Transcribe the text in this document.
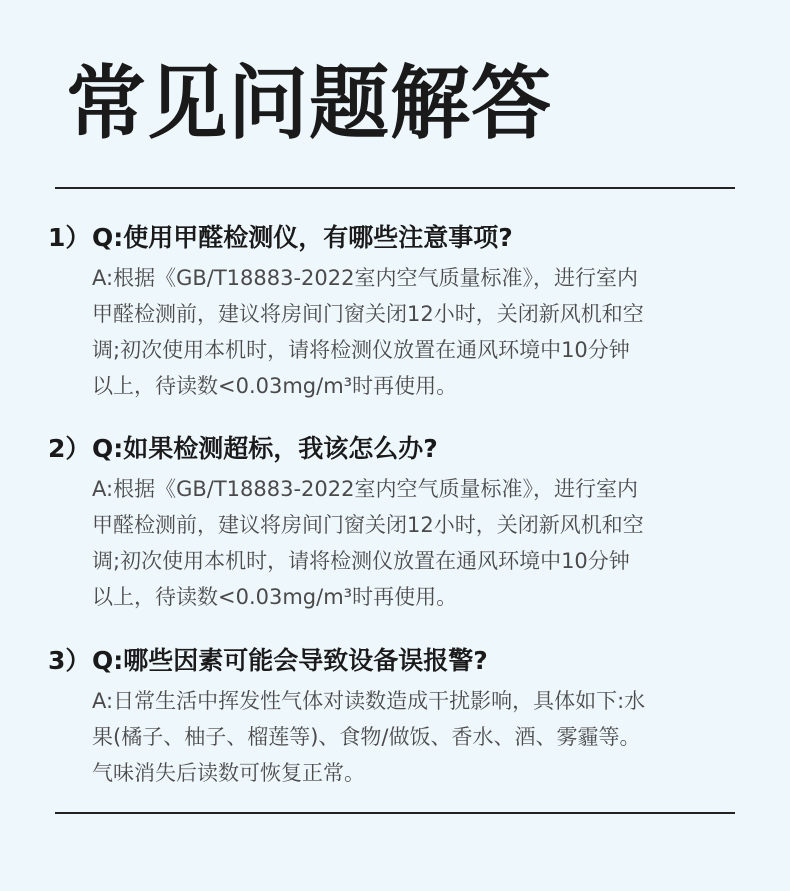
常见问题解答
1） Q:使用甲醛检测仪，有哪些注意事项?
A:根据《GB/T18883-2022室内空气质量标准》，进行室内
甲醛检测前，建议将房间门窗关闭12小时，关闭新风机和空
调;初次使用本机时，请将检测仪放置在通风环境中10分钟
以上，待读数<0.03mg/m³时再使用。
2） Q:如果检测超标，我该怎么办?
A:根据《GB/T18883-2022室内空气质量标准》，进行室内
甲醛检测前，建议将房间门窗关闭12小时，关闭新风机和空
调;初次使用本机时，请将检测仪放置在通风环境中10分钟
以上，待读数<0.03mg/m³时再使用。
3） Q:哪些因素可能会导致设备误报警?
A:日常生活中挥发性气体对读数造成干扰影响，具体如下:水
果(橘子、柚子、榴莲等)、食物/做饭、香水、酒、雾霾等。
气味消失后读数可恢复正常。
